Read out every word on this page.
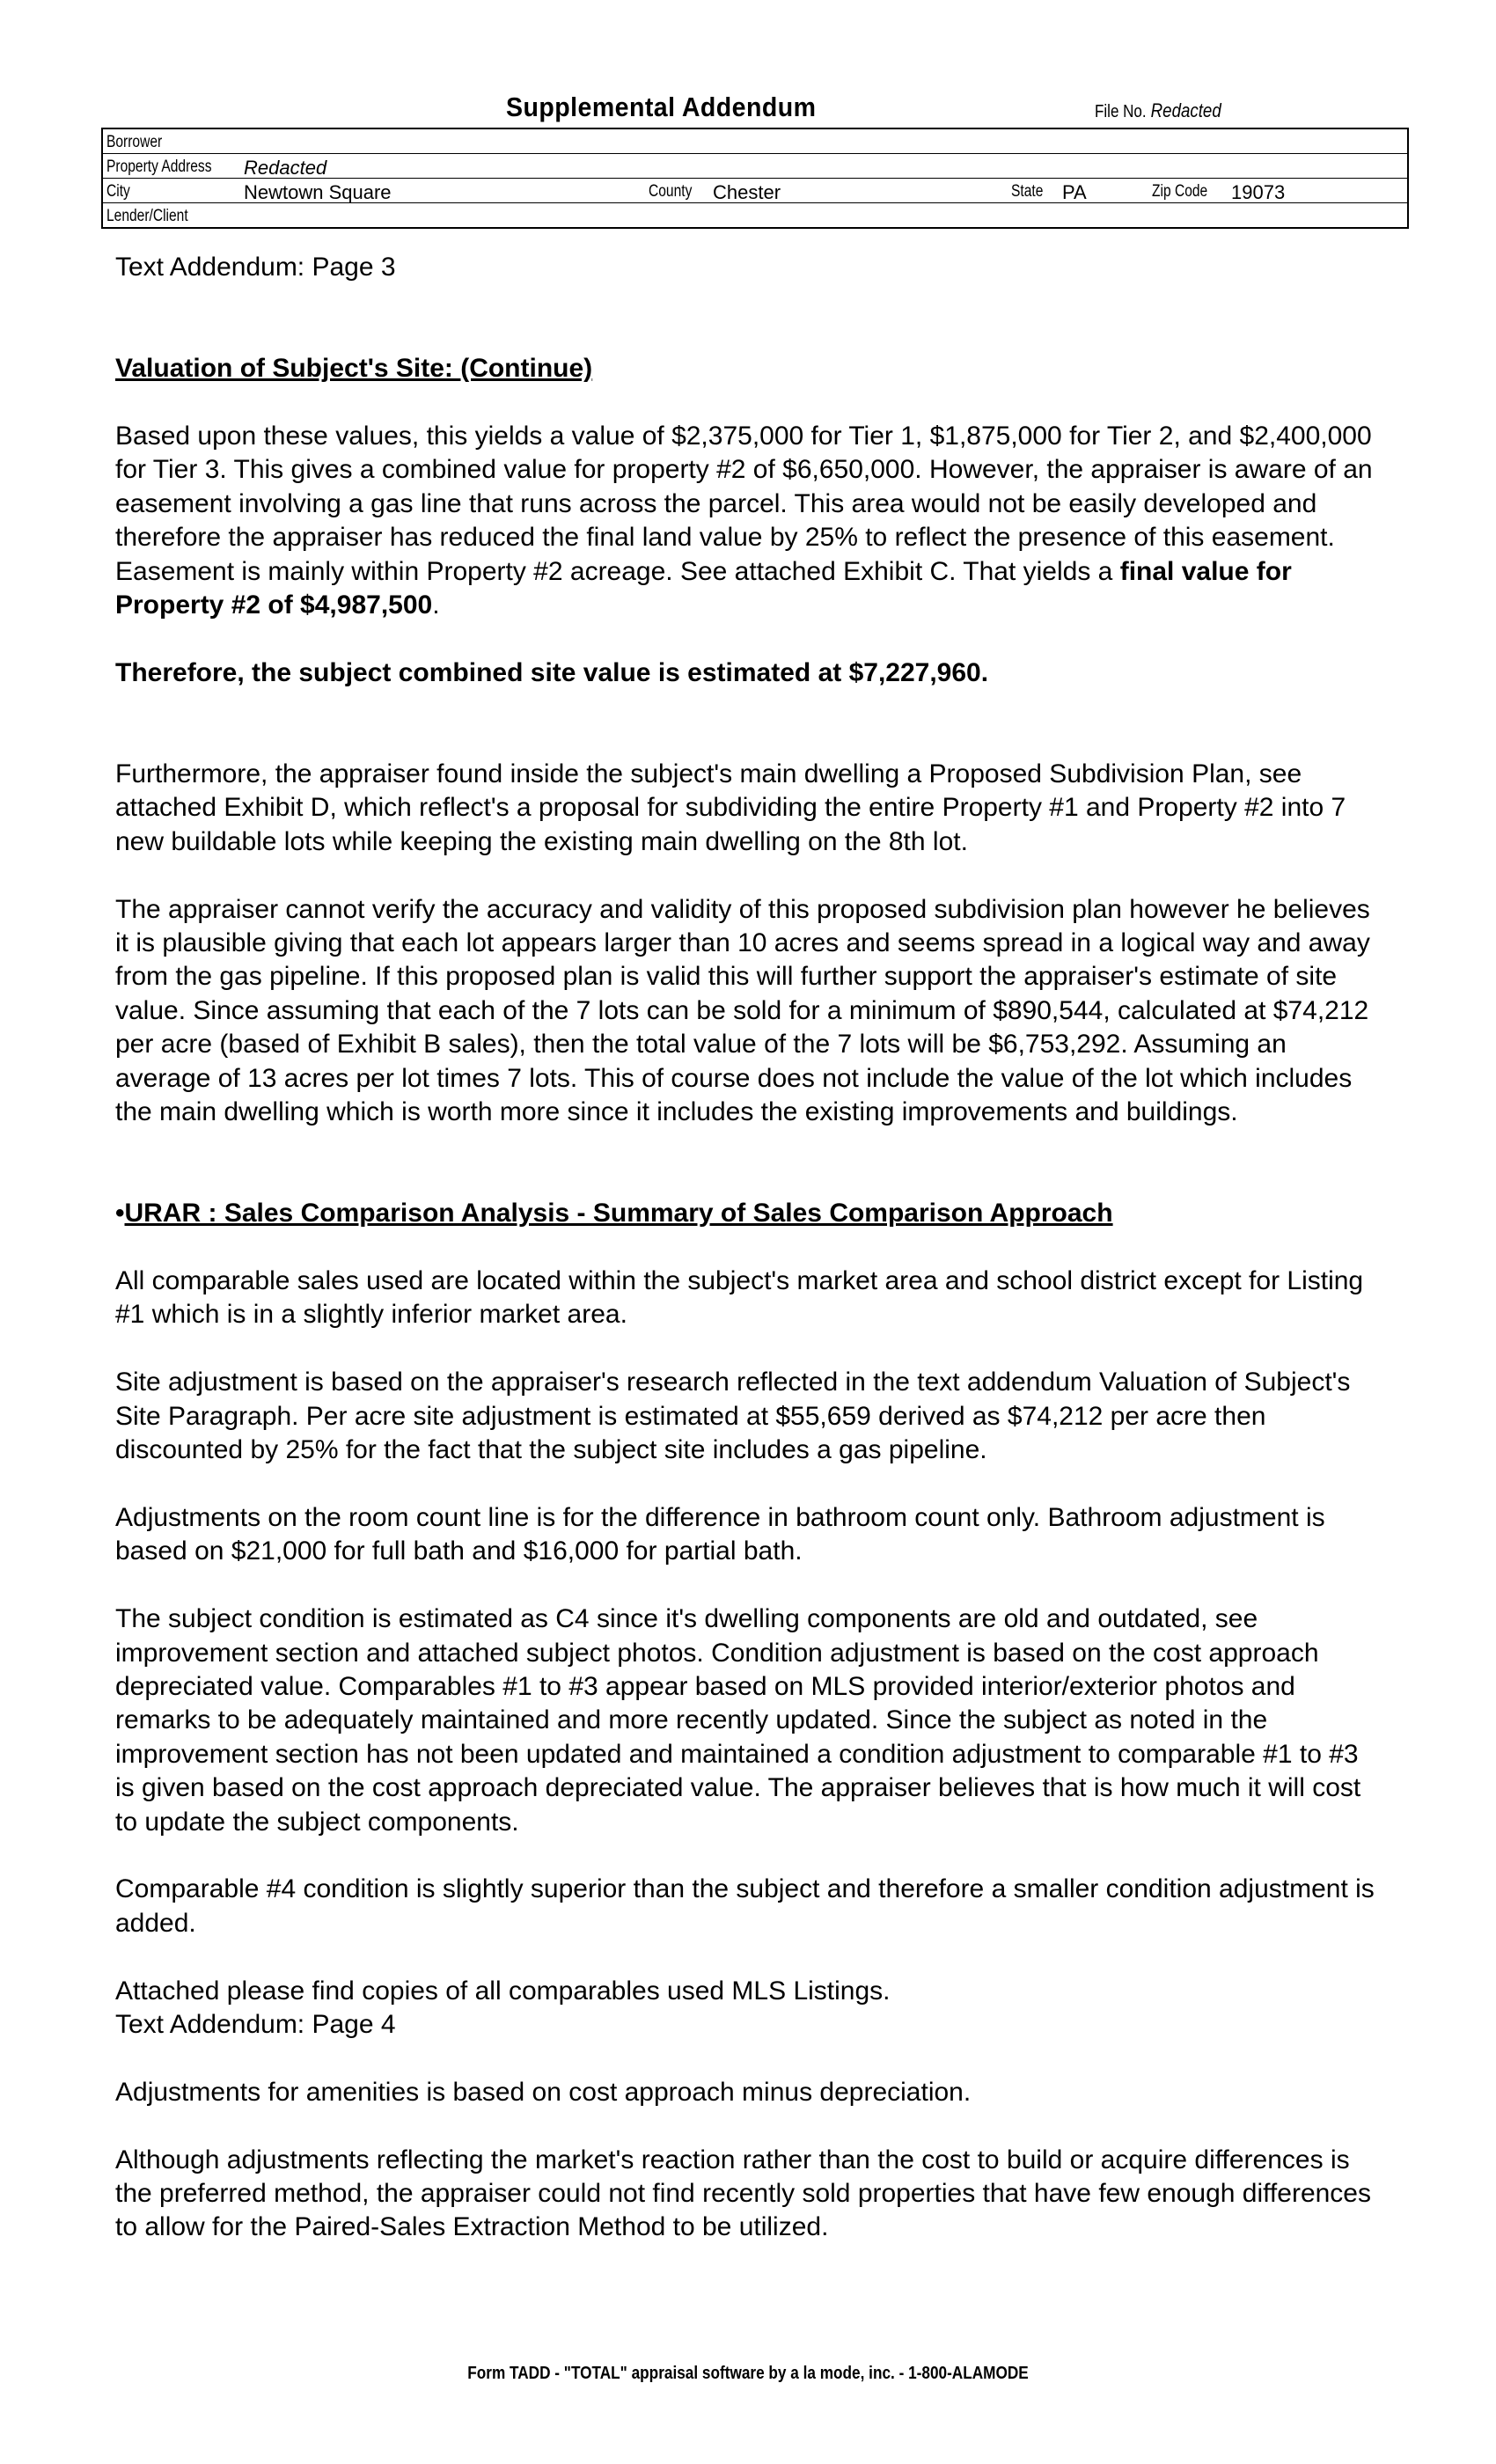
Supplemental Addendum	File No. Redacted
Borrower

Property Address Redacted

City	Newtown Square	County Chester	State PA	Zip Code 19073

Lender/Client

Text Addendum: Page 3

Valuation of Subject's Site: (Continue)

Based upon these values, this yields a value of $2,375,000 for Tier 1, $1,875,000 for Tier 2, and $2,400,000 for Tier 3. This gives a combined value for property #2 of $6,650,000. However, the appraiser is aware of an easement involving a gas line that runs across the parcel. This area would not be easily developed and therefore the appraiser has reduced the final land value by 25% to reflect the presence of this easement. Easement is mainly within Property #2 acreage. See attached Exhibit C. That yields a final value for Property #2 of $4,987,500.

Therefore, the subject combined site value is estimated at $7,227,960.

Furthermore, the appraiser found inside the subject's main dwelling a Proposed Subdivision Plan, see attached Exhibit D, which reflect's a proposal for subdividing the entire Property #1 and Property #2 into 7 new buildable lots while keeping the existing main dwelling on the 8th lot.

The appraiser cannot verify the accuracy and validity of this proposed subdivision plan however he believes it is plausible giving that each lot appears larger than 10 acres and seems spread in a logical way and away from the gas pipeline. If this proposed plan is valid this will further support the appraiser's estimate of site value. Since assuming that each of the 7 lots can be sold for a minimum of $890,544, calculated at $74,212 per acre (based of Exhibit B sales), then the total value of the 7 lots will be $6,753,292. Assuming an average of 13 acres per lot times 7 lots. This of course does not include the value of the lot which includes the main dwelling which is worth more since it includes the existing improvements and buildings.

•URAR : Sales Comparison Analysis - Summary of Sales Comparison Approach

All comparable sales used are located within the subject's market area and school district except for Listing #1 which is in a slightly inferior market area.

Site adjustment is based on the appraiser's research reflected in the text addendum Valuation of Subject's Site Paragraph. Per acre site adjustment is estimated at $55,659 derived as $74,212 per acre then discounted by 25% for the fact that the subject site includes a gas pipeline.

Adjustments on the room count line is for the difference in bathroom count only. Bathroom adjustment is based on $21,000 for full bath and $16,000 for partial bath.

The subject condition is estimated as C4 since it's dwelling components are old and outdated, see improvement section and attached subject photos. Condition adjustment is based on the cost approach depreciated value. Comparables #1 to #3 appear based on MLS provided interior/exterior photos and remarks to be adequately maintained and more recently updated. Since the subject as noted in the improvement section has not been updated and maintained a condition adjustment to comparable #1 to #3 is given based on the cost approach depreciated value. The appraiser believes that is how much it will cost to update the subject components.

Comparable #4 condition is slightly superior than the subject and therefore a smaller condition adjustment is added.

Attached please find copies of all comparables used MLS Listings.

Text Addendum: Page 4

Adjustments for amenities is based on cost approach minus depreciation.

Although adjustments reflecting the market's reaction rather than the cost to build or acquire differences is the preferred method, the appraiser could not find recently sold properties that have few enough differences to allow for the Paired-Sales Extraction Method to be utilized.

Form TADD - "TOTAL" appraisal software by a la mode, inc. - 1-800-ALAMODE
